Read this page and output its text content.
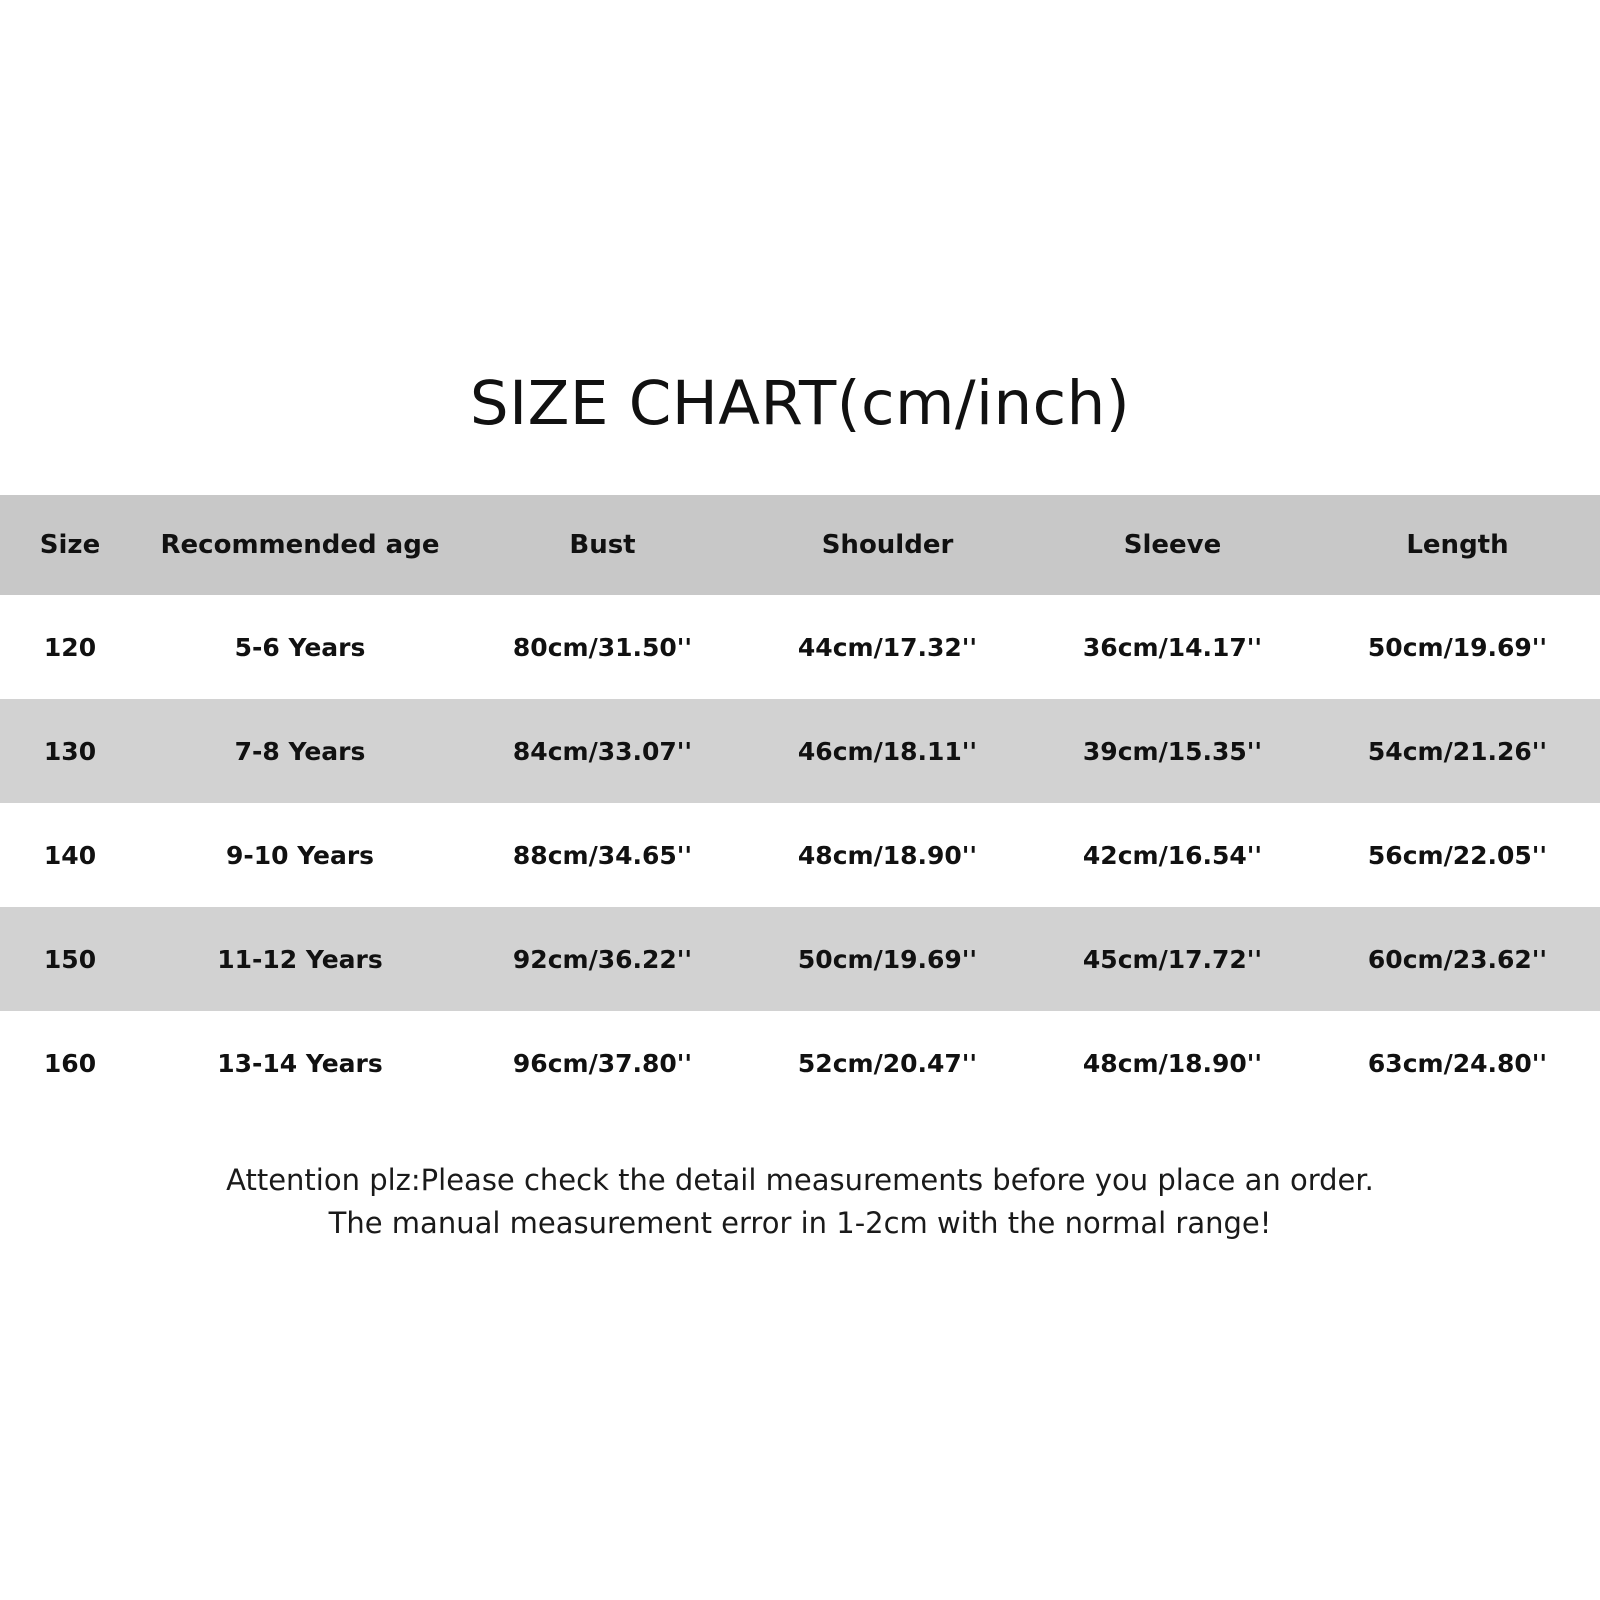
SIZE CHART(cm/inch)
Size	Recommended age	Bust	Shoulder	Sleeve	Length
120	5-6 Years	80cm/31.50''	44cm/17.32''	36cm/14.17''	50cm/19.69''
130	7-8 Years	84cm/33.07''	46cm/18.11''	39cm/15.35''	54cm/21.26''
140	9-10 Years	88cm/34.65''	48cm/18.90''	42cm/16.54''	56cm/22.05''
150	11-12 Years	92cm/36.22''	50cm/19.69''	45cm/17.72''	60cm/23.62''
160	13-14 Years	96cm/37.80''	52cm/20.47''	48cm/18.90''	63cm/24.80''
Attention plz:Please check the detail measurements before you place an order.
The manual measurement error in 1-2cm with the normal range!
